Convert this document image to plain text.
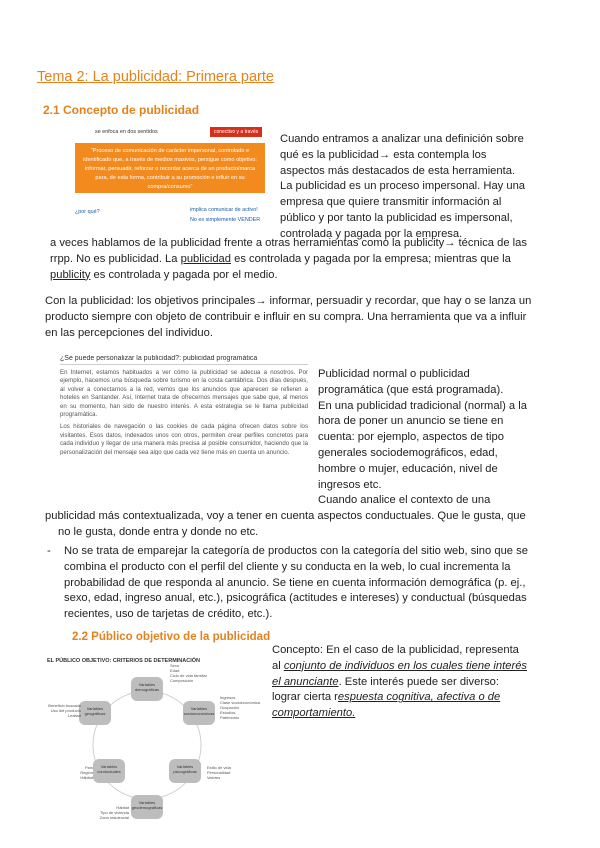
Tema 2: La publicidad: Primera parte
2.1 Concepto de publicidad
se enfoca en dos sentidos	conectivo y a través
“Proceso de comunicación de carácter impersonal, controlado e identificado que, a través de medios masivos, persigue como objetivo: informar, persuadir, reforzar o recordar acerca de un producto/marca para, de esta forma, contribuir a su promoción e influir en su compra/consumo”
¿por qué?	implica comunicar de activo!
No es simplemente VENDER
Cuando entramos a analizar una definición sobre
qué es la publicidad→ esta contempla los
aspectos más destacados de esta herramienta.
La publicidad es un proceso impersonal. Hay una
empresa que quiere transmitir información al
público y por tanto la publicidad es impersonal,
controlada y pagada por la empresa.
a veces hablamos de la publicidad frente a otras herramientas como la publicity→ técnica de las
rrpp. No es publicidad. La publicidad es controlada y pagada por la empresa; mientras que la
publicity es controlada y pagada por el medio.
Con la publicidad: los objetivos principales→ informar, persuadir y recordar, que hay o se lanza un
producto siempre con objeto de contribuir e influir en su compra. Una herramienta que va a influir
en las percepciones del individuo.
¿Se puede personalizar la publicidad?: publicidad programática
En Internet, estamos habituados a ver cómo la publicidad se adecua a nosotros. Por ejemplo, hacemos una búsqueda sobre turismo en la costa cantábrica. Dos días después, al volver a conectarnos a la red, vemos que los anuncios que aparecen se refieren a hoteles en Santander. Así, Internet trata de ofrecernos mensajes que sabe que, al menos en su momento, han sido de nuestro interés. A esta estrategia se le llama publicidad programática.
Los historiales de navegación o las cookies de cada página ofrecen datos sobre los visitantes. Esos datos, indexados unos con otros, permiten crear perfiles concretos para cada individuo y llegar de una manera más precisa al posible consumidor, haciendo que la personalización del mensaje sea algo que cada vez tiene más en cuenta un anuncio.
Publicidad normal o publicidad
programática (que está programada).
En una publicidad tradicional (normal) a la
hora de poner un anuncio se tiene en
cuenta: por ejemplo, aspectos de tipo
generales sociodemográficos, edad,
hombre o mujer, educación, nivel de
ingresos etc.
Cuando analice el contexto de una
publicidad más contextualizada, voy a tener en cuenta aspectos conductuales. Que le gusta, que
no le gusta, donde entra y donde no etc.
- No se trata de emparejar la categoría de productos con la categoría del sitio web, sino que se
combina el producto con el perfil del cliente y su conducta en la web, lo cual incrementa la
probabilidad de que responda al anuncio. Se tiene en cuenta información demográfica (p. ej.,
sexo, edad, ingreso anual, etc.), psicográfica (actitudes e intereses) y conductual (búsquedas
recientes, uso de tarjetas de crédito, etc.).
2.2 Público objetivo de la publicidad
EL PÚBLICO OBJETIVO: CRITERIOS DE DETERMINACIÓN
Variables demográficas
Variables socioeconómicas
Variables psicográficas
Variables conductuales
Variables geográficas
Variables geodemográficas
Sexo
Edad
Ciclo de vida familiar
Composición
Ingresos
Clase socioeconómica
Ocupación
Estudios
Patrimonio
Estilo de vida
Personalidad
Valores
Beneficio buscado
Uso del producto
Lealtad
País
Región
Hábitat
Hábitat
Tipo de vivienda
Zona residencial
Concepto: En el caso de la publicidad, representa
al conjunto de individuos en los cuales tiene interés
el anunciante. Este interés puede ser diverso:
lograr cierta respuesta cognitiva, afectiva o de
comportamiento.
